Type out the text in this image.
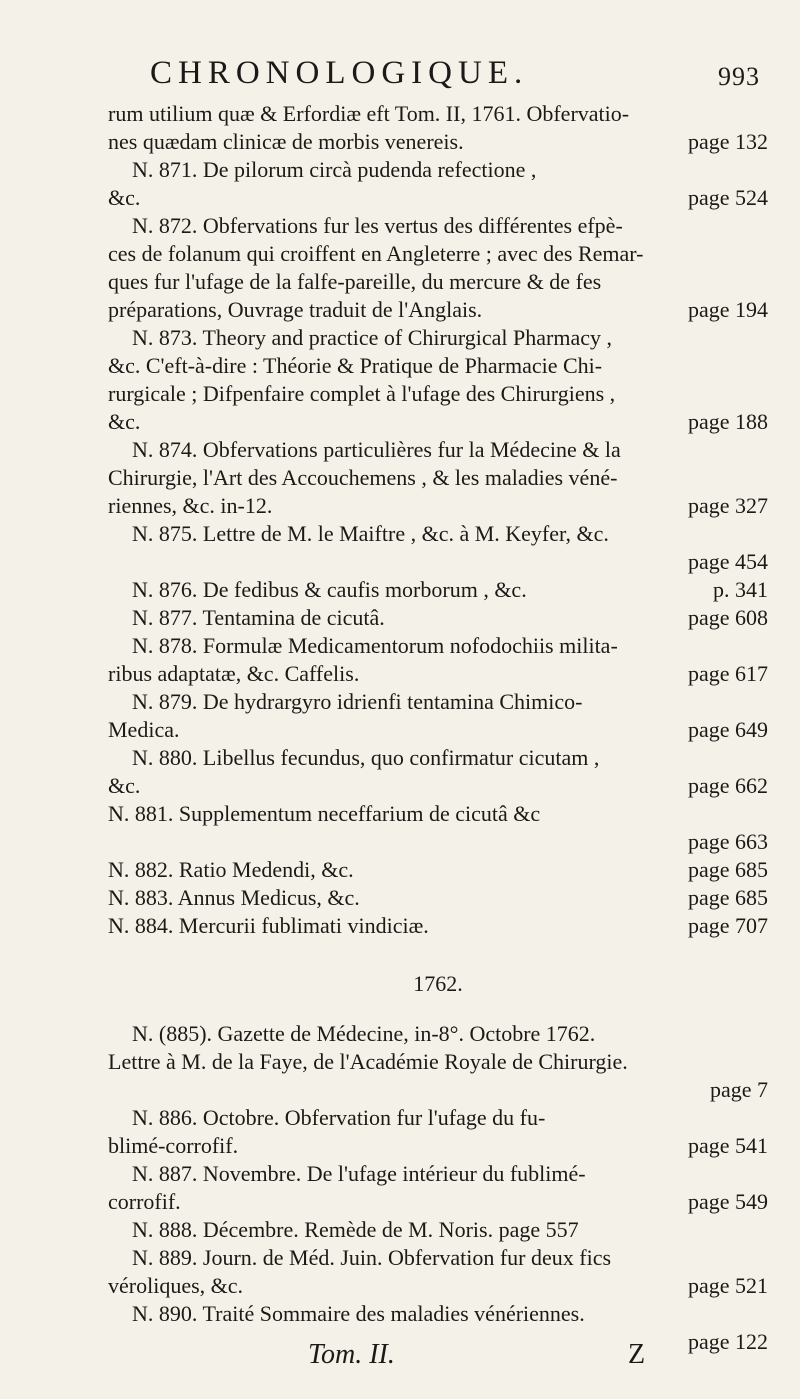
CHRONOLOGIQUE.	993
rum utilium quæ & Erfordiæ eft Tom. II, 1761. Obfervatio-
nes quædam clinicæ de morbis venereis.	page 132
N. 871. De pilorum circà pudenda refectione ,
&c.	page 524
N. 872. Obfervations fur les vertus des différentes efpè-
ces de folanum qui croiffent en Angleterre ; avec des Remar-
ques fur l'ufage de la falfe-pareille, du mercure & de fes
préparations, Ouvrage traduit de l'Anglais.	page 194
N. 873. Theory and practice of Chirurgical Pharmacy ,
&c. C'eft-à-dire : Théorie & Pratique de Pharmacie Chi-
rurgicale ; Difpenfaire complet à l'ufage des Chirurgiens ,
&c.	page 188
N. 874. Obfervations particulières fur la Médecine & la
Chirurgie, l'Art des Accouchemens , & les maladies véné-
riennes, &c. in-12.	page 327
N. 875. Lettre de M. le Maiftre , &c. à M. Keyfer, &c.
page 454
N. 876. De fedibus & caufis morborum , &c.	p. 341
N. 877. Tentamina de cicutâ.	page 608
N. 878. Formulæ Medicamentorum nofodochiis milita-
ribus adaptatæ, &c. Caffelis.	page 617
N. 879. De hydrargyro idrienfi tentamina Chimico-
Medica.	page 649
N. 880. Libellus fecundus, quo confirmatur cicutam ,
&c.	page 662
N. 881. Supplementum neceffarium de cicutâ &c
page 663
N. 882. Ratio Medendi, &c.	page 685
N. 883. Annus Medicus, &c.	page 685
N. 884. Mercurii fublimati vindiciæ.	page 707
1762.
N. (885). Gazette de Médecine, in-8°. Octobre 1762.
Lettre à M. de la Faye, de l'Académie Royale de Chirurgie.
page 7
N. 886. Octobre. Obfervation fur l'ufage du fu-
blimé-corrofif.	page 541
N. 887. Novembre. De l'ufage intérieur du fublimé-
corrofif.	page 549
N. 888. Décembre. Remède de M. Noris. page 557
N. 889. Journ. de Méd. Juin. Obfervation fur deux fics
véroliques, &c.	page 521
N. 890. Traité Sommaire des maladies vénériennes.
page 122
Tom. II.	Z
